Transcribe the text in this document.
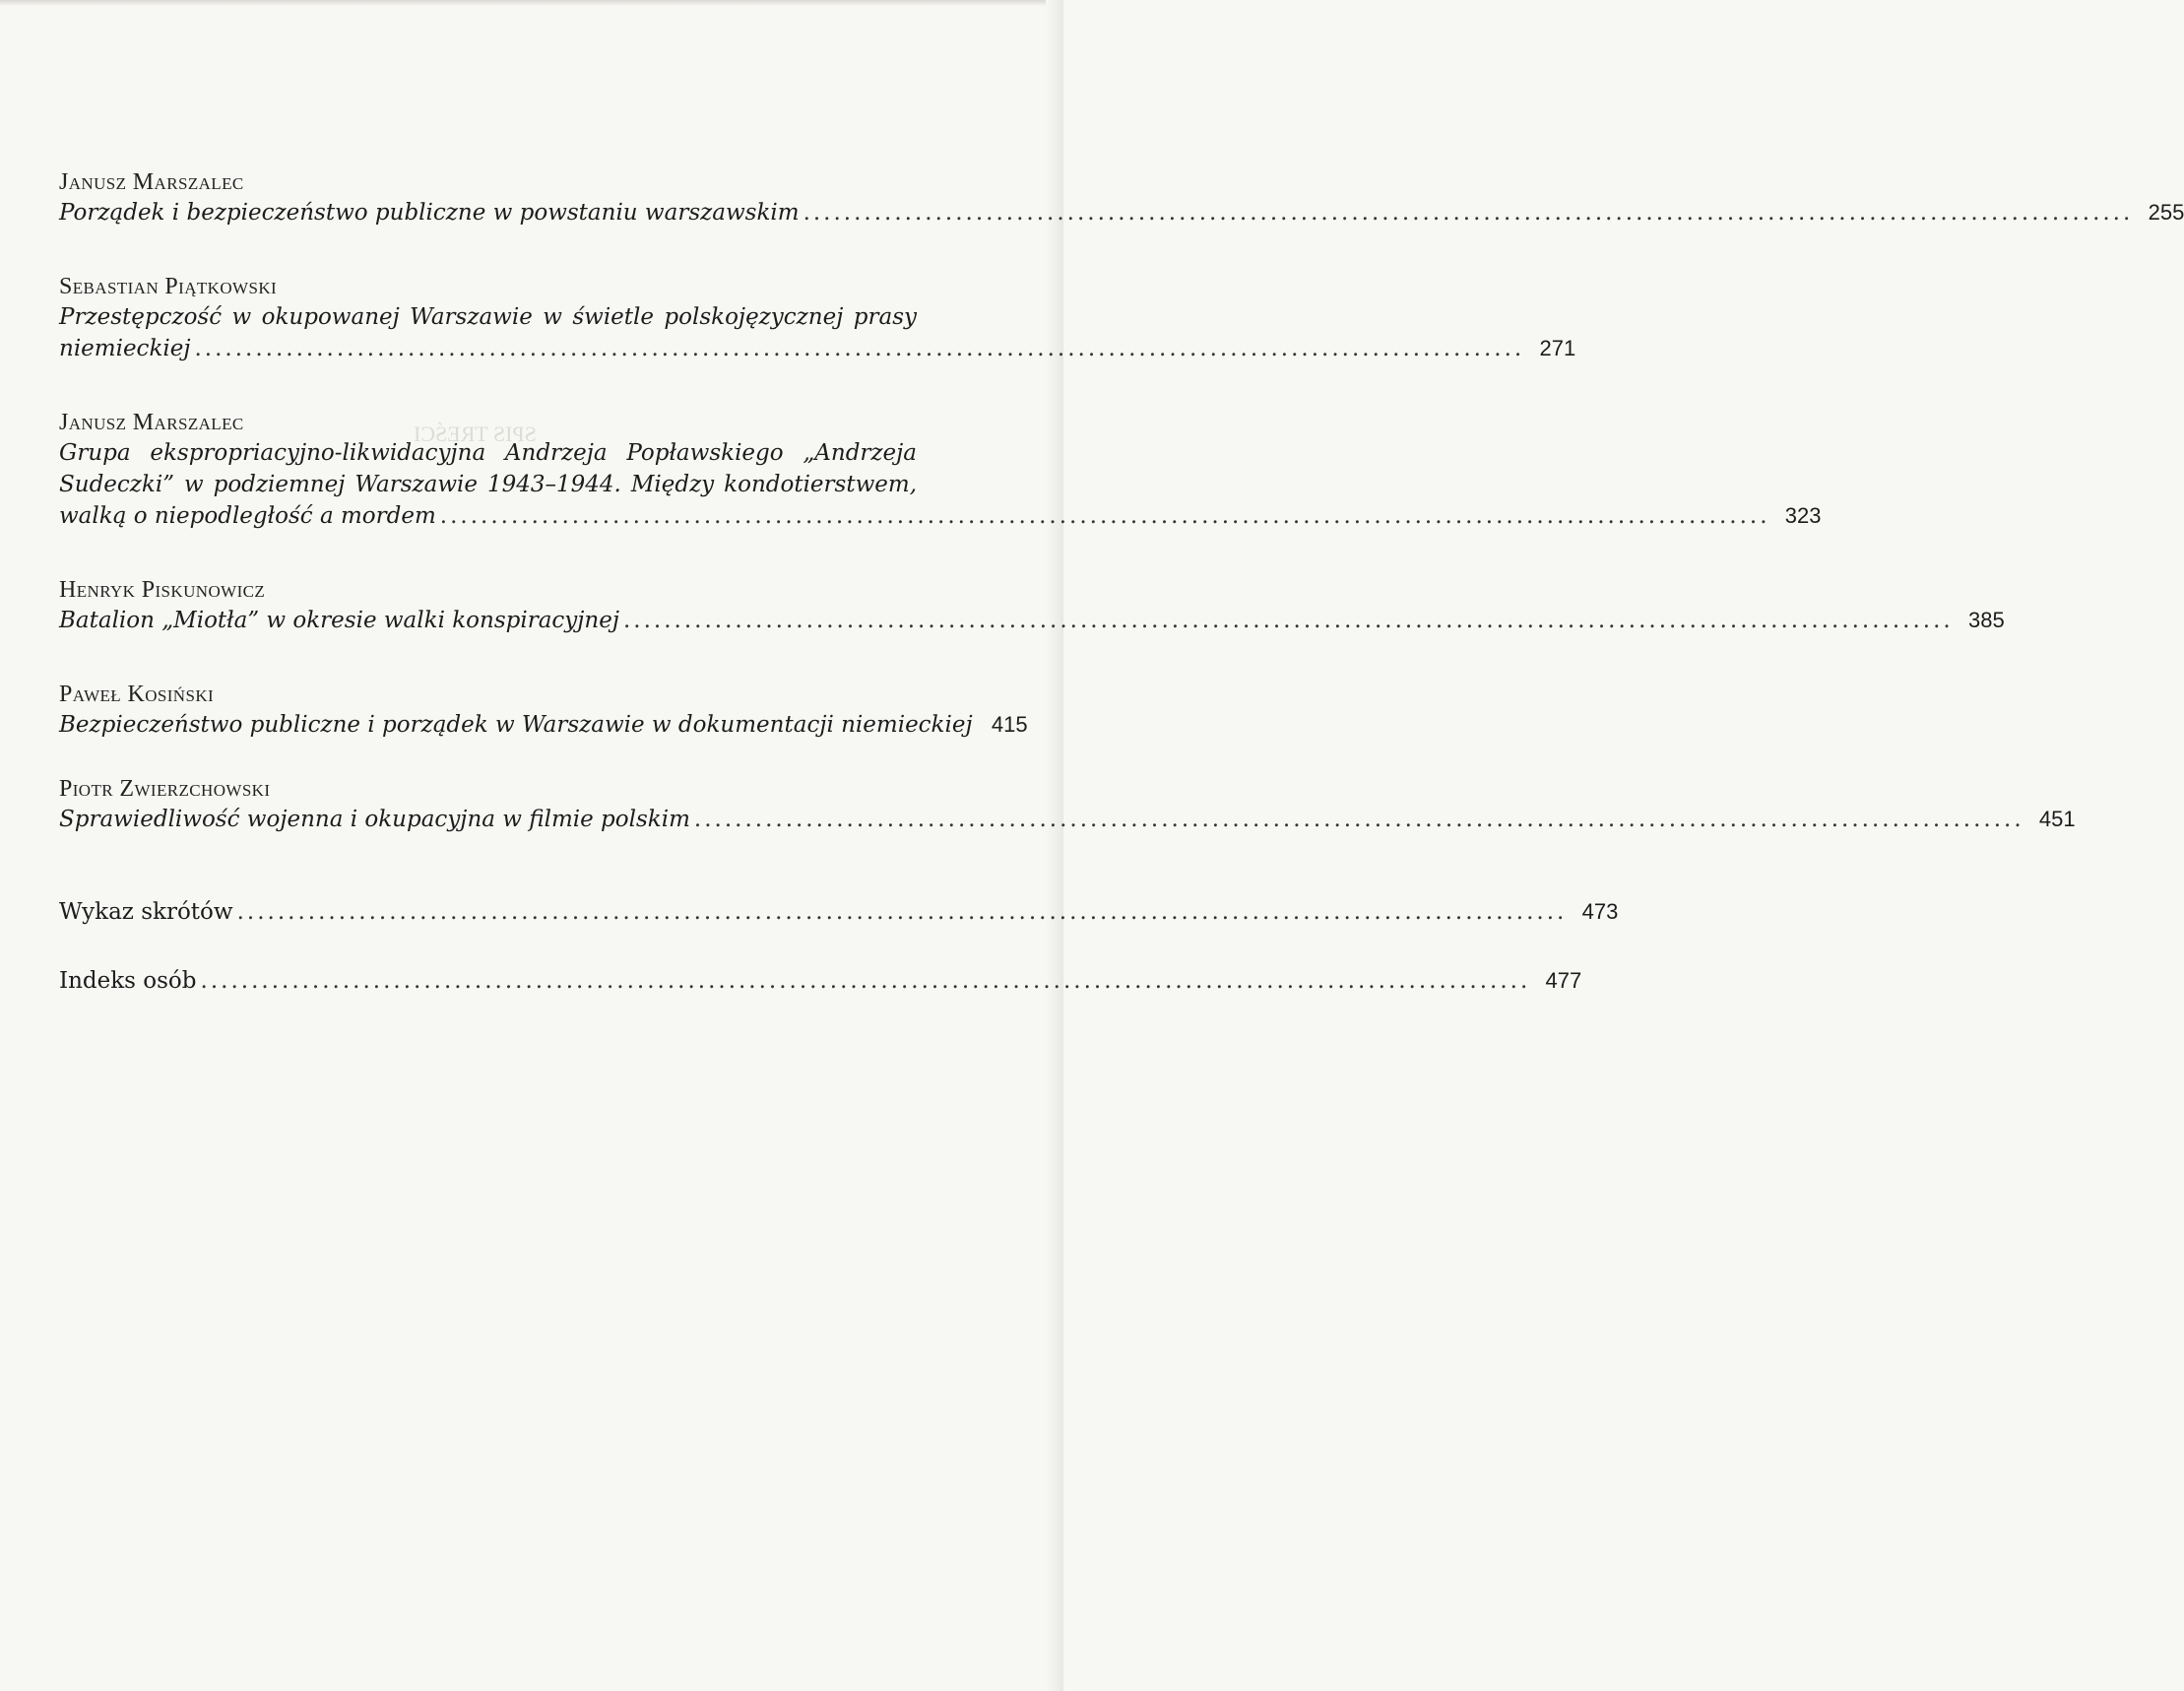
SPIS TREŚCI
Janusz Marszalec
Porządek i bezpieczeństwo publiczne w powstaniu warszawskim ................................................................................................................................... 255
Sebastian Piątkowski
Przestępczość w okupowanej Warszawie w świetle polskojęzycznej prasy
niemieckiej ................................................................................................................................... 271
Janusz Marszalec
Grupa ekspropriacyjno-likwidacyjna Andrzeja Popławskiego „Andrzeja
Sudeczki” w podziemnej Warszawie 1943–1944. Między kondotierstwem,
walką o niepodległość a mordem ................................................................................................................................... 323
Henryk Piskunowicz
Batalion „Miotła” w okresie walki konspiracyjnej ................................................................................................................................... 385
Paweł Kosiński
Bezpieczeństwo publiczne i porządek w Warszawie w dokumentacji niemieckiej 415
Piotr Zwierzchowski
Sprawiedliwość wojenna i okupacyjna w filmie polskim ................................................................................................................................... 451
Wykaz skrótów ................................................................................................................................... 473
Indeks osób ................................................................................................................................... 477
